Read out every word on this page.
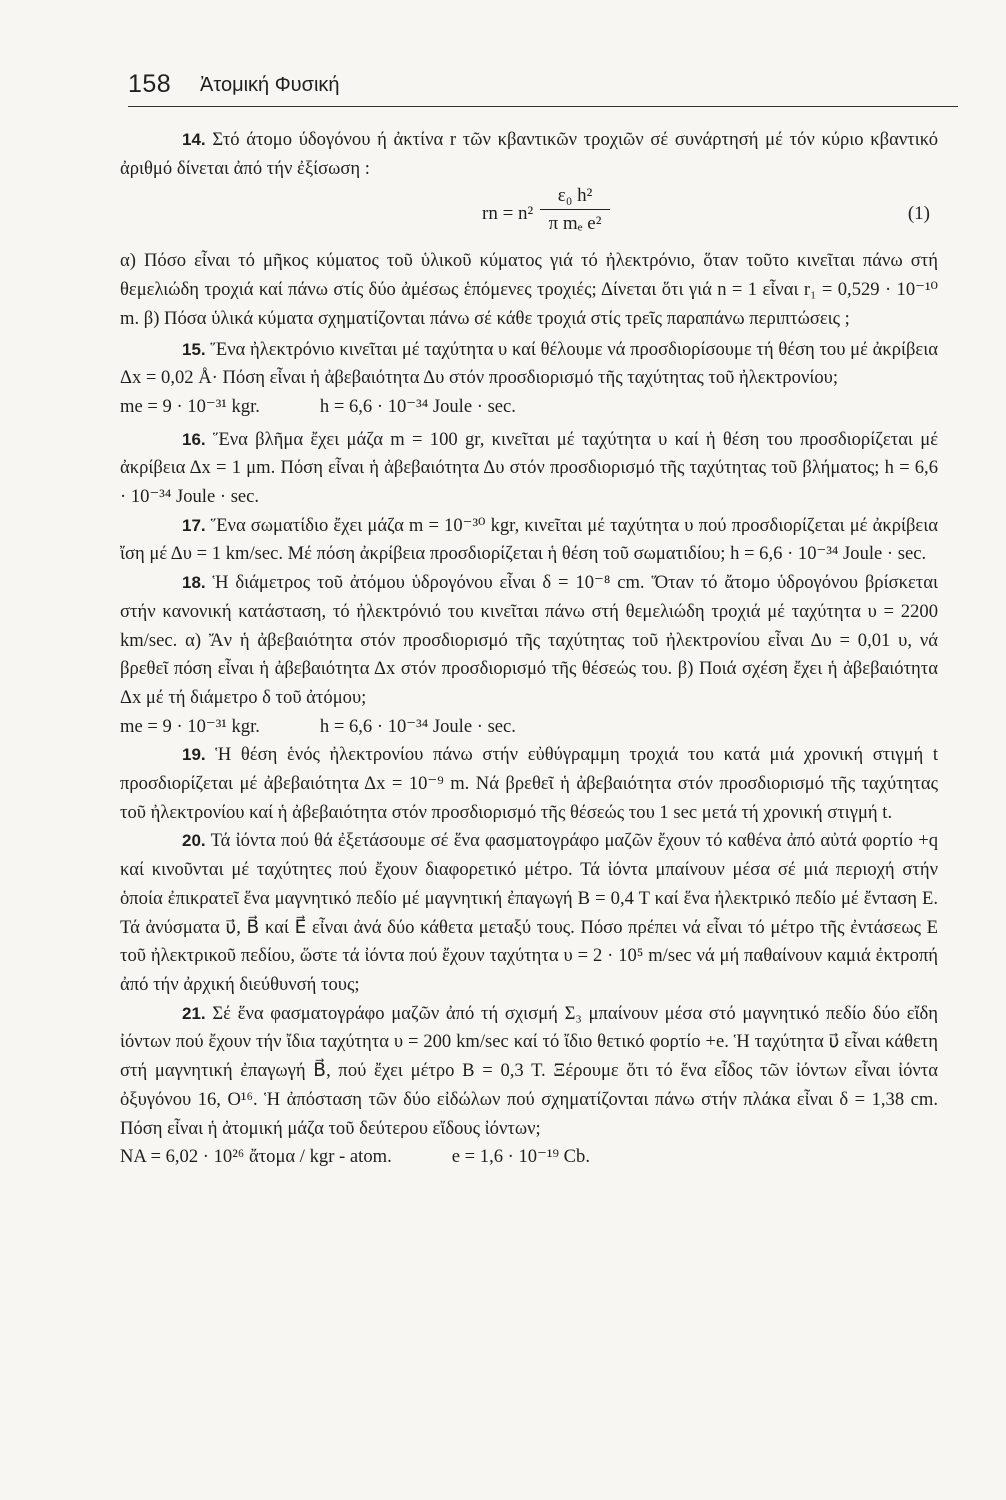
158 Ἀτομική Φυσική

14. Στό άτομο ύδογόνου ή ἀκτίνα r τῶν κβαντικῶν τροχιῶν σέ συνάρτησή μέ τόν κύριο κβαντικό ἀριθμό δίνεται ἀπό τήν ἐξίσωση :

rn = $n^2 \frac{\text{ε₀ h²}}{\text{π mₑ e²}}$	(1)

α) Πόσο εἶναι τό μῆκος κύματος τοῦ ὑλικοῦ κύματος γιά τό ἠλεκτρόνιο, ὅταν τοῦτο κινεῖται πάνω στή θεμελιώδη τροχιά καί πάνω στίς δύο ἀμέσως ἑπόμενες τροχιές; Δίνεται ὅτι γιά n = 1 εἶναι r₁ = 0,529 · 10⁻¹⁰ m. β) Πόσα ὑλικά κύματα σχηματίζονται πάνω σέ κάθε τροχιά στίς τρεῖς παραπάνω περιπτώσεις ;

15. Ἕνα ἠλεκτρόνιο κινεῖται μέ ταχύτητα υ καί θέλουμε νά προσδιορίσουμε τή θέση του μέ ἀκρίβεια Δx = 0,02 Å· Πόση εἶναι ἡ ἀβεβαιότητα Δυ στόν προσδιορισμό τῆς ταχύτητας τοῦ ἠλεκτρονίου;

me = 9 · 10⁻³¹ kgr.	h = 6,6 · 10⁻³⁴ Joule · sec.

16. Ἕνα βλῆμα ἔχει μάζα m = 100 gr, κινεῖται μέ ταχύτητα υ καί ἡ θέση του προσδιορίζεται μέ ἀκρίβεια Δx = 1 μm. Πόση εἶναι ἡ ἀβεβαιότητα Δυ στόν προσδιορισμό τῆς ταχύτητας τοῦ βλήματος; h = 6,6 · 10⁻³⁴ Joule · sec.

17. Ἕνα σωματίδιο ἔχει μάζα m = 10⁻³⁰ kgr, κινεῖται μέ ταχύτητα υ πού προσδιορίζεται μέ ἀκρίβεια ἴση μέ Δυ = 1 km/sec. Μέ πόση ἀκρίβεια προσδιορίζεται ἡ θέση τοῦ σωματιδίου; h = 6,6 · 10⁻³⁴ Joule · sec.

18. Ἡ διάμετρος τοῦ ἀτόμου ὑδρογόνου εἶναι δ = 10⁻⁸ cm. Ὅταν τό ἄτομο ὑδρογόνου βρίσκεται στήν κανονική κατάσταση, τό ἠλεκτρόνιό του κινεῖται πάνω στή θεμελιώδη τροχιά μέ ταχύτητα υ = 2200 km/sec. α) Ἄν ἡ ἀβεβαιότητα στόν προσδιορισμό τῆς ταχύτητας τοῦ ἠλεκτρονίου εἶναι Δυ = 0,01 υ, νά βρεθεῖ πόση εἶναι ἡ ἀβεβαιότητα Δx στόν προσδιορισμό τῆς θέσεώς του. β) Ποιά σχέση ἔχει ἡ ἀβεβαιότητα Δx μέ τή διάμετρο δ τοῦ ἀτόμου;

me = 9 · 10⁻³¹ kgr.	h = 6,6 · 10⁻³⁴ Joule · sec.

19. Ἡ θέση ἑνός ἠλεκτρονίου πάνω στήν εὐθύγραμμη τροχιά του κατά μιά χρονική στιγμή t προσδιορίζεται μέ ἀβεβαιότητα Δx = 10⁻⁹ m. Νά βρεθεῖ ἡ ἀβεβαιότητα στόν προσδιορισμό τῆς ταχύτητας τοῦ ἠλεκτρονίου καί ἡ ἀβεβαιότητα στόν προσδιορισμό τῆς θέσεώς του 1 sec μετά τή χρονική στιγμή t.

20. Τά ἰόντα πού θά ἐξετάσουμε σέ ἕνα φασματογράφο μαζῶν ἔχουν τό καθένα ἀπό αὐτά φορτίο +q καί κινοῦνται μέ ταχύτητες πού ἔχουν διαφορετικό μέτρο. Τά ἰόντα μπαίνουν μέσα σέ μιά περιοχή στήν ὁποία ἐπικρατεῖ ἕνα μαγνητικό πεδίο μέ μαγνητική ἐπαγωγή B = 0,4 T καί ἕνα ἠλεκτρικό πεδίο μέ ἔνταση E. Τά ἀνύσματα υ⃗, B⃗ καί E⃗ εἶναι ἀνά δύο κάθετα μεταξύ τους. Πόσο πρέπει νά εἶναι τό μέτρο τῆς ἐντάσεως E τοῦ ἠλεκτρικοῦ πεδίου, ὥστε τά ἰόντα πού ἔχουν ταχύτητα υ = 2 · 10⁵ m/sec νά μή παθαίνουν καμιά ἐκτροπή ἀπό τήν ἀρχική διεύθυνσή τους;

21. Σέ ἕνα φασματογράφο μαζῶν ἀπό τή σχισμή Σ₃ μπαίνουν μέσα στό μαγνητικό πεδίο δύο εἴδη ἰόντων πού ἔχουν τήν ἴδια ταχύτητα υ = 200 km/sec καί τό ἴδιο θετικό φορτίο +e. Ἡ ταχύτητα υ⃗ εἶναι κάθετη στή μαγνητική ἐπαγωγή B⃗, πού ἔχει μέτρο B = 0,3 T. Ξέρουμε ὅτι τό ἕνα εἶδος τῶν ἰόντων εἶναι ἰόντα ὀξυγόνου 16, O¹⁶. Ἡ ἀπόσταση τῶν δύο εἰδώλων πού σχηματίζονται πάνω στήν πλάκα εἶναι δ = 1,38 cm. Πόση εἶναι ἡ ἀτομική μάζα τοῦ δεύτερου εἴδους ἰόντων;

NA = 6,02 · 10²⁶ ἄτομα / kgr - atom.	e = 1,6 · 10⁻¹⁹ Cb.
